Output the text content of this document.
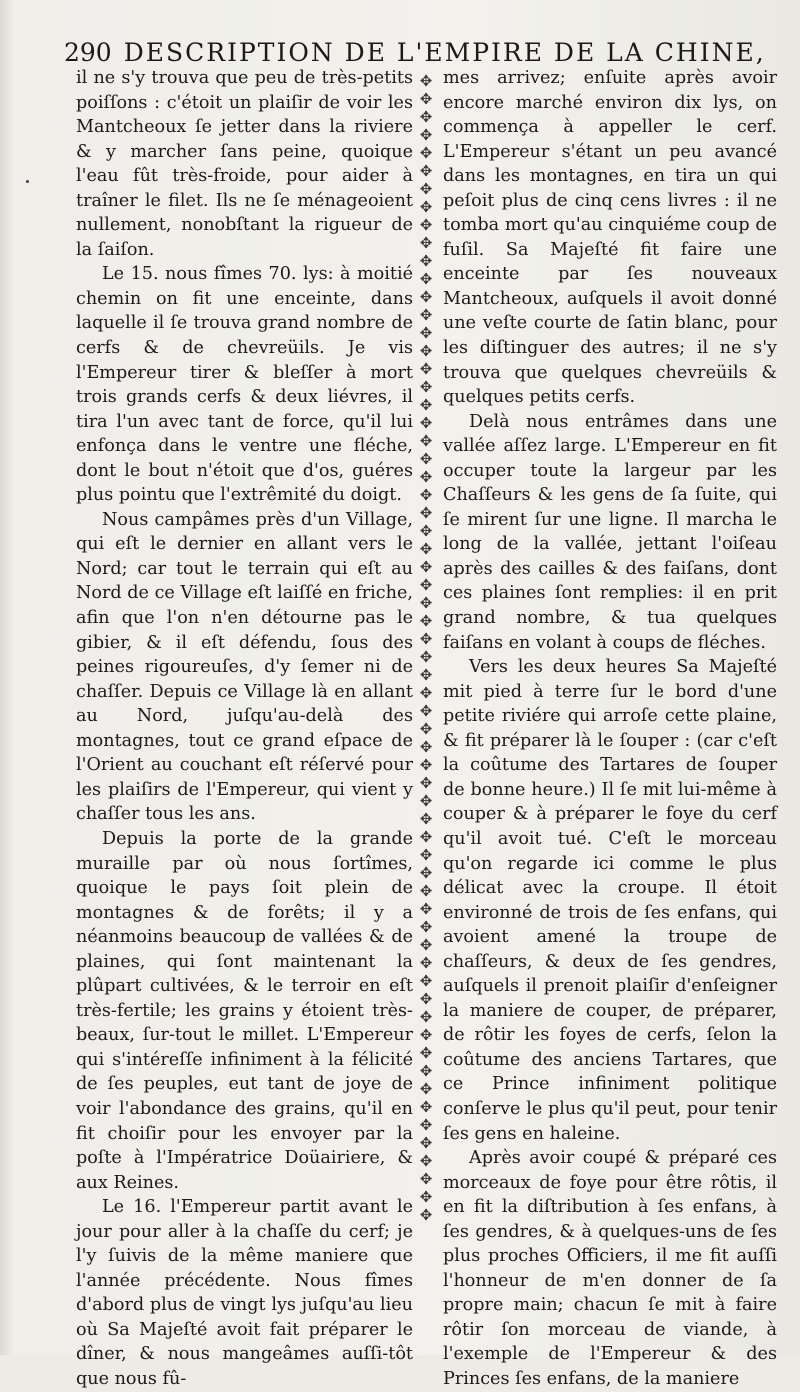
290 DESCRIPTION DE L'EMPIRE DE LA CHINE,

il ne s'y trouva que peu de très-petits poiſſons : c'étoit un plaiſir de voir les Mantcheoux ſe jetter dans la riviere & y marcher ſans peine, quoique l'eau fût très-froide, pour aider à traîner le filet. Ils ne ſe ménageoient nullement, nonobſtant la rigueur de la ſaiſon.

Le 15. nous fîmes 70. lys: à moitié chemin on fit une enceinte, dans laquelle il ſe trouva grand nombre de cerfs & de chevreüils. Je vis l'Empereur tirer & bleſſer à mort trois grands cerfs & deux liévres, il tira l'un avec tant de force, qu'il lui enfonça dans le ventre une fléche, dont le bout n'étoit que d'os, guéres plus pointu que l'extrêmité du doigt.

Nous campâmes près d'un Village, qui eſt le dernier en allant vers le Nord; car tout le terrain qui eſt au Nord de ce Village eſt laiſſé en friche, afin que l'on n'en détourne pas le gibier, & il eſt défendu, ſous des peines rigoureuſes, d'y ſemer ni de chaſſer. Depuis ce Village là en allant au Nord, juſqu'au-delà des montagnes, tout ce grand eſpace de l'Orient au couchant eſt réſervé pour les plaiſirs de l'Empereur, qui vient y chaſſer tous les ans.

Depuis la porte de la grande muraille par où nous ſortîmes, quoique le pays ſoit plein de montagnes & de forêts; il y a néanmoins beaucoup de vallées & de plaines, qui ſont maintenant la plûpart cultivées, & le terroir en eſt très-fertile; les grains y étoient très-beaux, ſur-tout le millet. L'Empereur qui s'intéreſſe infiniment à la félicité de ſes peuples, eut tant de joye de voir l'abondance des grains, qu'il en fit choiſir pour les envoyer par la poſte à l'Impératrice Doüairiere, & aux Reines.

Le 16. l'Empereur partit avant le jour pour aller à la chaſſe du cerf; je l'y ſuivis de la même maniere que l'année précédente. Nous fîmes d'abord plus de vingt lys juſqu'au lieu où Sa Majeſté avoit fait préparer le dîner, & nous mangeâmes auſſi-tôt que nous fû-

✥✥✥✥✥✥✥✥✥✥✥✥✥✥✥✥✥✥✥✥✥✥✥✥✥✥✥✥✥✥✥✥✥✥✥✥✥✥✥✥✥✥✥✥✥✥✥✥✥✥✥✥✥✥✥✥✥✥✥✥✥✥✥✥

mes arrivez; enſuite après avoir encore marché environ dix lys, on commença à appeller le cerf. L'Empereur s'étant un peu avancé dans les montagnes, en tira un qui peſoit plus de cinq cens livres : il ne tomba mort qu'au cinquiéme coup de fuſil. Sa Majeſté fit faire une enceinte par ſes nouveaux Mantcheoux, auſquels il avoit donné une veſte courte de ſatin blanc, pour les diſtinguer des autres; il ne s'y trouva que quelques chevreüils & quelques petits cerfs.

Delà nous entrâmes dans une vallée aſſez large. L'Empereur en fit occuper toute la largeur par les Chaſſeurs & les gens de ſa ſuite, qui ſe mirent ſur une ligne. Il marcha le long de la vallée, jettant l'oiſeau après des cailles & des faiſans, dont ces plaines ſont remplies: il en prit grand nombre, & tua quelques faiſans en volant à coups de fléches.

Vers les deux heures Sa Majeſté mit pied à terre ſur le bord d'une petite riviére qui arroſe cette plaine, & fit préparer là le ſouper : (car c'eſt la coûtume des Tartares de ſouper de bonne heure.) Il ſe mit lui-même à couper & à préparer le foye du cerf qu'il avoit tué. C'eſt le morceau qu'on regarde ici comme le plus délicat avec la croupe. Il étoit environné de trois de ſes enfans, qui avoient amené la troupe de chaſſeurs, & deux de ſes gendres, auſquels il prenoit plaiſir d'enſeigner la maniere de couper, de préparer, de rôtir les foyes de cerfs, ſelon la coûtume des anciens Tartares, que ce Prince infiniment politique conſerve le plus qu'il peut, pour tenir ſes gens en haleine.

Après avoir coupé & préparé ces morceaux de foye pour être rôtis, il en fit la diſtribution à ſes enfans, à ſes gendres, & à quelques-uns de ſes plus proches Officiers, il me fit auſſi l'honneur de m'en donner de ſa propre main; chacun ſe mit à faire rôtir ſon morceau de viande, à l'exemple de l'Empereur & des Princes ſes enfans, de la maniere
